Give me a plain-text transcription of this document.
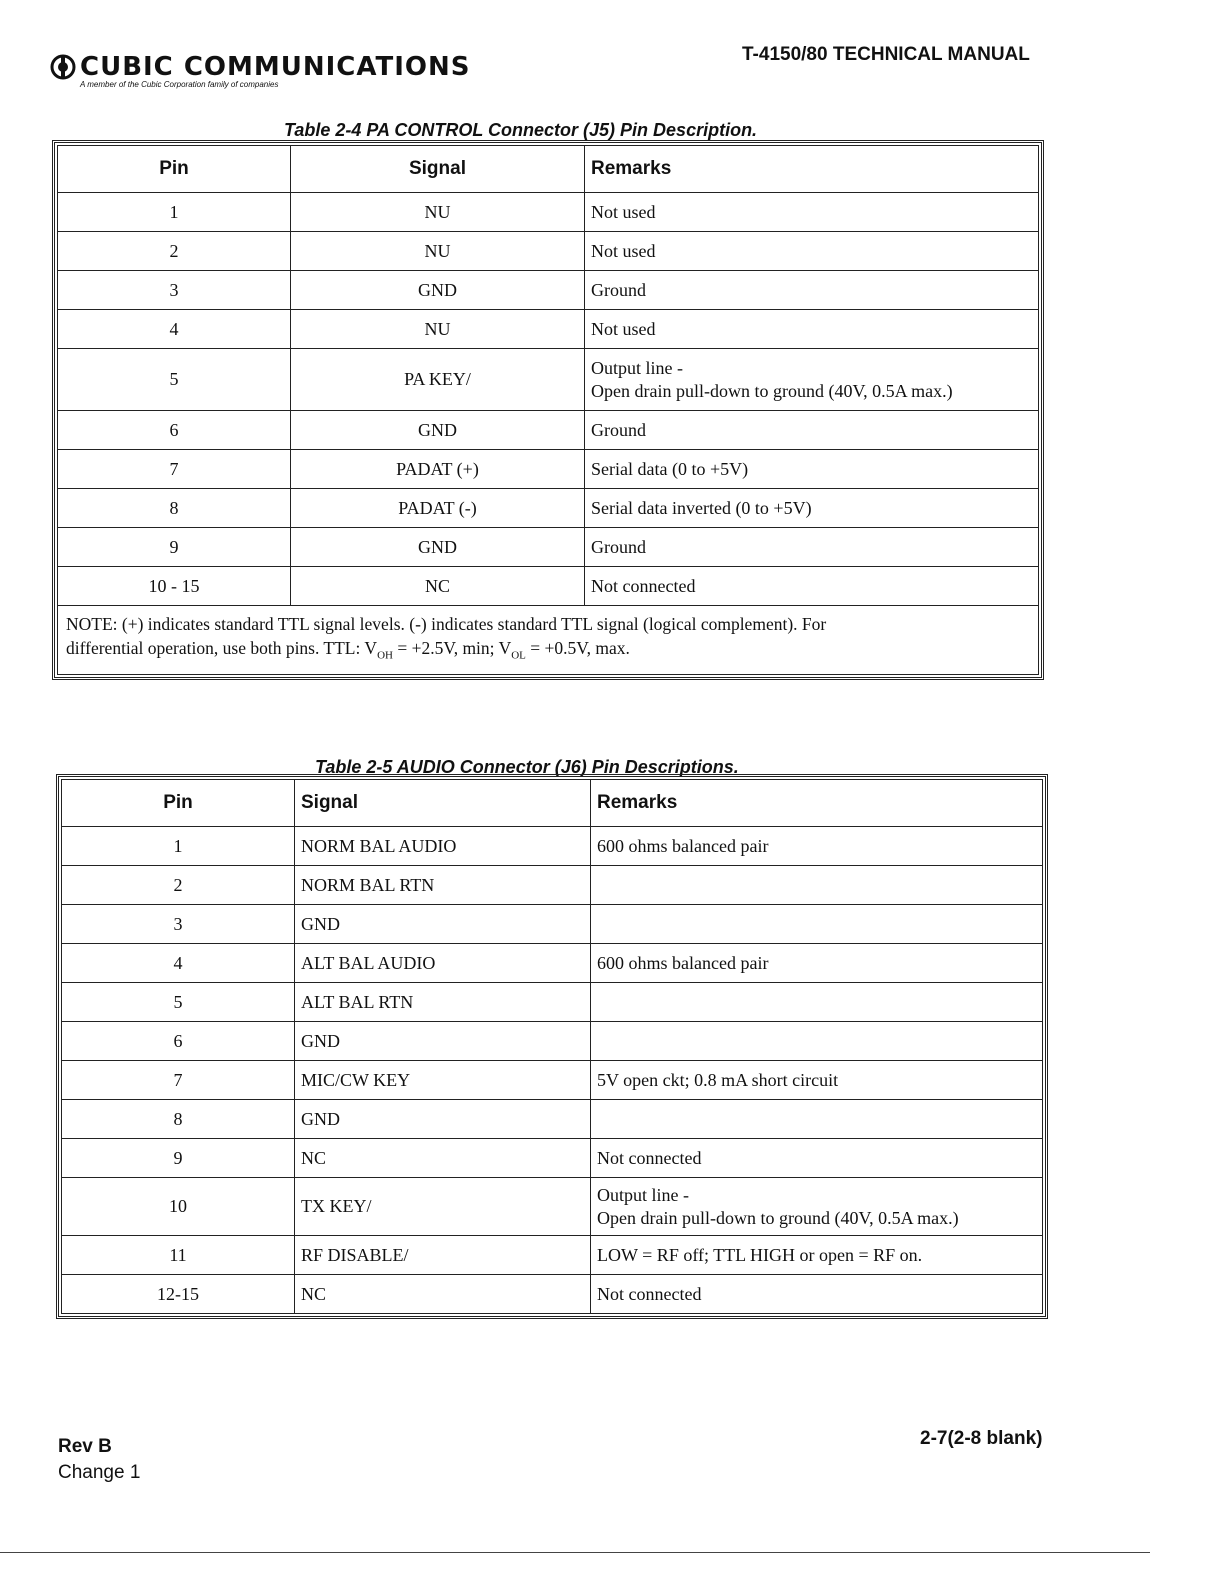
CUBIC COMMUNICATIONS
A member of the Cubic Corporation family of companies
T-4150/80 TECHNICAL MANUAL
Table 2-4 PA CONTROL Connector (J5) Pin Description.
Pin	Signal	Remarks
1	NU	Not used
2	NU	Not used
3	GND	Ground
4	NU	Not used
5	PA KEY/	Output line -
Open drain pull-down to ground (40V, 0.5A max.)
6	GND	Ground
7	PADAT (+)	Serial data (0 to +5V)
8	PADAT (-)	Serial data inverted (0 to +5V)
9	GND	Ground
10 - 15	NC	Not connected
NOTE: (+) indicates standard TTL signal levels. (-) indicates standard TTL signal (logical complement). For
differential operation, use both pins. TTL: $V_{OH} = +2.5V$, min; $V_{OL} = +0.5V$, max.		
Table 2-5 AUDIO Connector (J6) Pin Descriptions.
Pin	Signal	Remarks
1	NORM BAL AUDIO	600 ohms balanced pair
2	NORM BAL RTN	
3	GND	
4	ALT BAL AUDIO	600 ohms balanced pair
5	ALT BAL RTN	
6	GND	
7	MIC/CW KEY	5V open ckt; 0.8 mA short circuit
8	GND	
9	NC	Not connected
10	TX KEY/	Output line -
Open drain pull-down to ground (40V, 0.5A max.)
11	RF DISABLE/	LOW = RF off; TTL HIGH or open = RF on.
12-15	NC	Not connected
Rev B
Change 1
2-7(2-8 blank)
